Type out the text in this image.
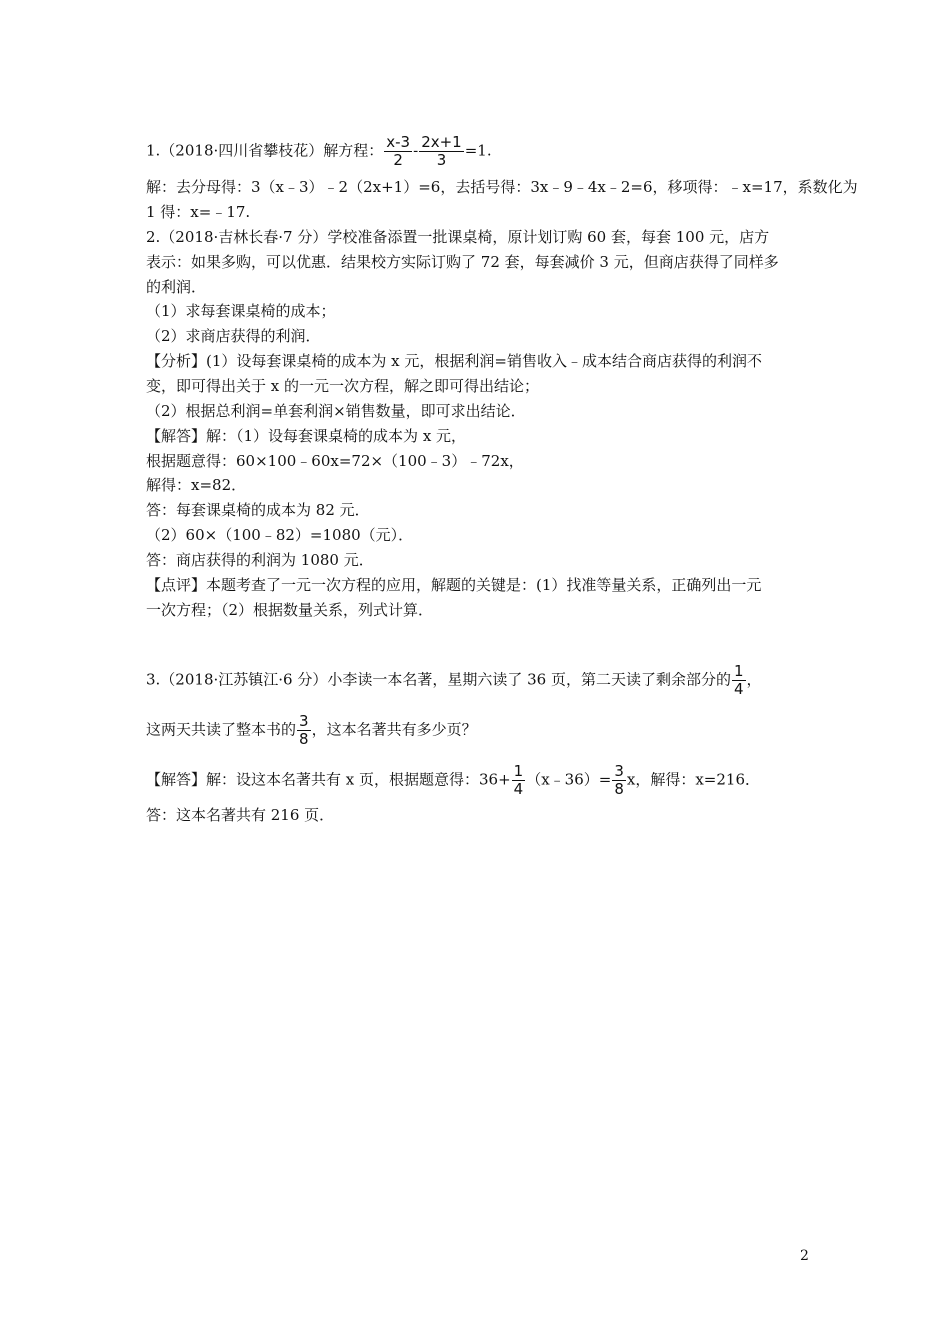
1.（2018·四川省攀枝花）解方程： $\frac{x-3}{2} - \frac{2x+1}{3} =1$.
解：去分母得：3（x﹣3）﹣2（2x+1）=6，去括号得：3x﹣9﹣4x﹣2=6，移项得：﹣x=17，系数化为
1 得：x=﹣17.
2.（2018·吉林长春·7 分）学校准备添置一批课桌椅，原计划订购 60 套，每套 100 元，店方
表示：如果多购，可以优惠．结果校方实际订购了 72 套，每套减价 3 元，但商店获得了同样多
的利润．
（1）求每套课桌椅的成本；
（2）求商店获得的利润．
【分析】(1）设每套课桌椅的成本为 x 元，根据利润=销售收入﹣成本结合商店获得的利润不
变，即可得出关于 x 的一元一次方程，解之即可得出结论；
（2）根据总利润=单套利润×销售数量，即可求出结论．
【解答】解：（1）设每套课桌椅的成本为 x 元，
根据题意得：60×100﹣60x=72×（100﹣3）﹣72x，
解得：x=82．
答：每套课桌椅的成本为 82 元．
（2）60×（100﹣82）=1080（元）．
答：商店获得的利润为 1080 元．
【点评】本题考查了一元一次方程的应用，解题的关键是：(1）找准等量关系，正确列出一元
一次方程；（2）根据数量关系，列式计算．
3.（2018·江苏镇江·6 分）小李读一本名著，星期六读了 36 页，第二天读了剩余部分的 $\frac{1}{4}$ ，
这两天共读了整本书的 $\frac{3}{8}$ ，这本名著共有多少页？
【解答】解：设这本名著共有 x 页，根据题意得：$36+ \frac{1}{4}$ （x﹣36）= $\frac{3}{8}$ x，解得：x=216．
答：这本名著共有 216 页．
2
